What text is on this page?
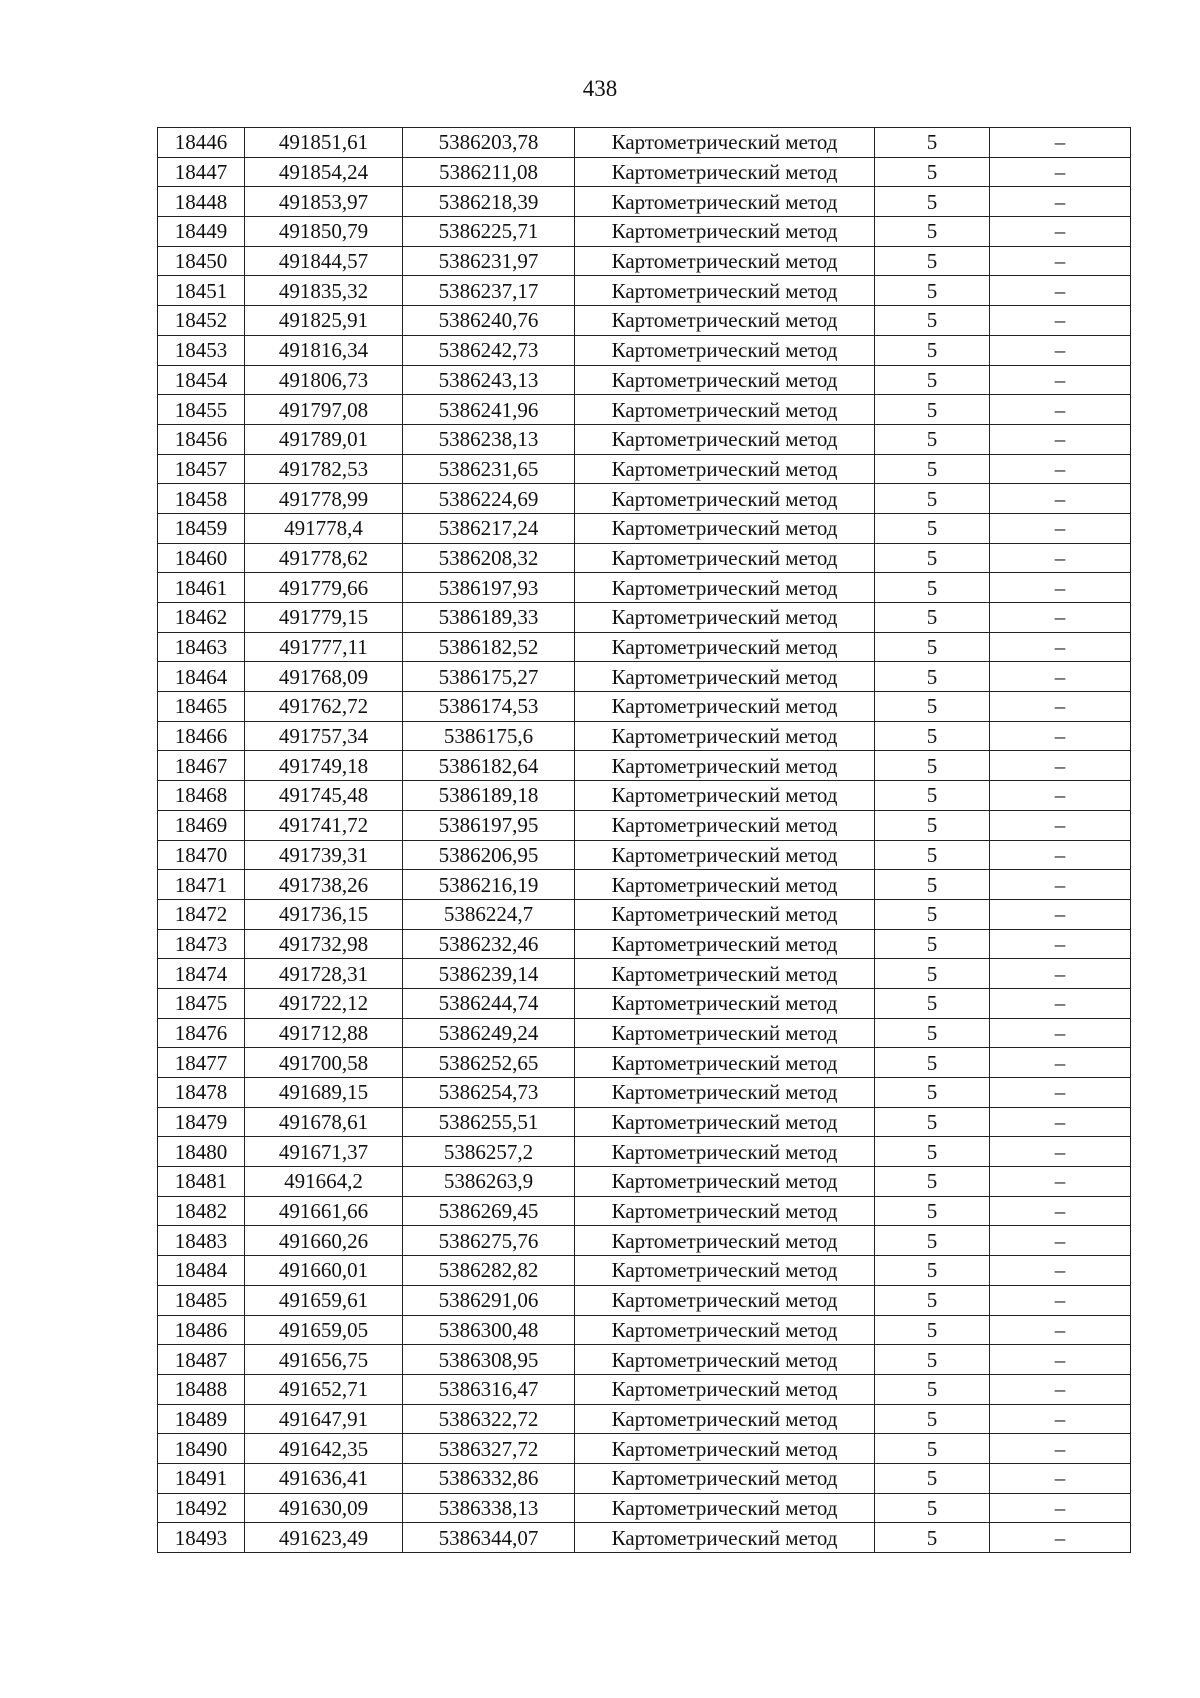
438
18446	491851,61	5386203,78	Картометрический метод	5	–
18447	491854,24	5386211,08	Картометрический метод	5	–
18448	491853,97	5386218,39	Картометрический метод	5	–
18449	491850,79	5386225,71	Картометрический метод	5	–
18450	491844,57	5386231,97	Картометрический метод	5	–
18451	491835,32	5386237,17	Картометрический метод	5	–
18452	491825,91	5386240,76	Картометрический метод	5	–
18453	491816,34	5386242,73	Картометрический метод	5	–
18454	491806,73	5386243,13	Картометрический метод	5	–
18455	491797,08	5386241,96	Картометрический метод	5	–
18456	491789,01	5386238,13	Картометрический метод	5	–
18457	491782,53	5386231,65	Картометрический метод	5	–
18458	491778,99	5386224,69	Картометрический метод	5	–
18459	491778,4	5386217,24	Картометрический метод	5	–
18460	491778,62	5386208,32	Картометрический метод	5	–
18461	491779,66	5386197,93	Картометрический метод	5	–
18462	491779,15	5386189,33	Картометрический метод	5	–
18463	491777,11	5386182,52	Картометрический метод	5	–
18464	491768,09	5386175,27	Картометрический метод	5	–
18465	491762,72	5386174,53	Картометрический метод	5	–
18466	491757,34	5386175,6	Картометрический метод	5	–
18467	491749,18	5386182,64	Картометрический метод	5	–
18468	491745,48	5386189,18	Картометрический метод	5	–
18469	491741,72	5386197,95	Картометрический метод	5	–
18470	491739,31	5386206,95	Картометрический метод	5	–
18471	491738,26	5386216,19	Картометрический метод	5	–
18472	491736,15	5386224,7	Картометрический метод	5	–
18473	491732,98	5386232,46	Картометрический метод	5	–
18474	491728,31	5386239,14	Картометрический метод	5	–
18475	491722,12	5386244,74	Картометрический метод	5	–
18476	491712,88	5386249,24	Картометрический метод	5	–
18477	491700,58	5386252,65	Картометрический метод	5	–
18478	491689,15	5386254,73	Картометрический метод	5	–
18479	491678,61	5386255,51	Картометрический метод	5	–
18480	491671,37	5386257,2	Картометрический метод	5	–
18481	491664,2	5386263,9	Картометрический метод	5	–
18482	491661,66	5386269,45	Картометрический метод	5	–
18483	491660,26	5386275,76	Картометрический метод	5	–
18484	491660,01	5386282,82	Картометрический метод	5	–
18485	491659,61	5386291,06	Картометрический метод	5	–
18486	491659,05	5386300,48	Картометрический метод	5	–
18487	491656,75	5386308,95	Картометрический метод	5	–
18488	491652,71	5386316,47	Картометрический метод	5	–
18489	491647,91	5386322,72	Картометрический метод	5	–
18490	491642,35	5386327,72	Картометрический метод	5	–
18491	491636,41	5386332,86	Картометрический метод	5	–
18492	491630,09	5386338,13	Картометрический метод	5	–
18493	491623,49	5386344,07	Картометрический метод	5	–
